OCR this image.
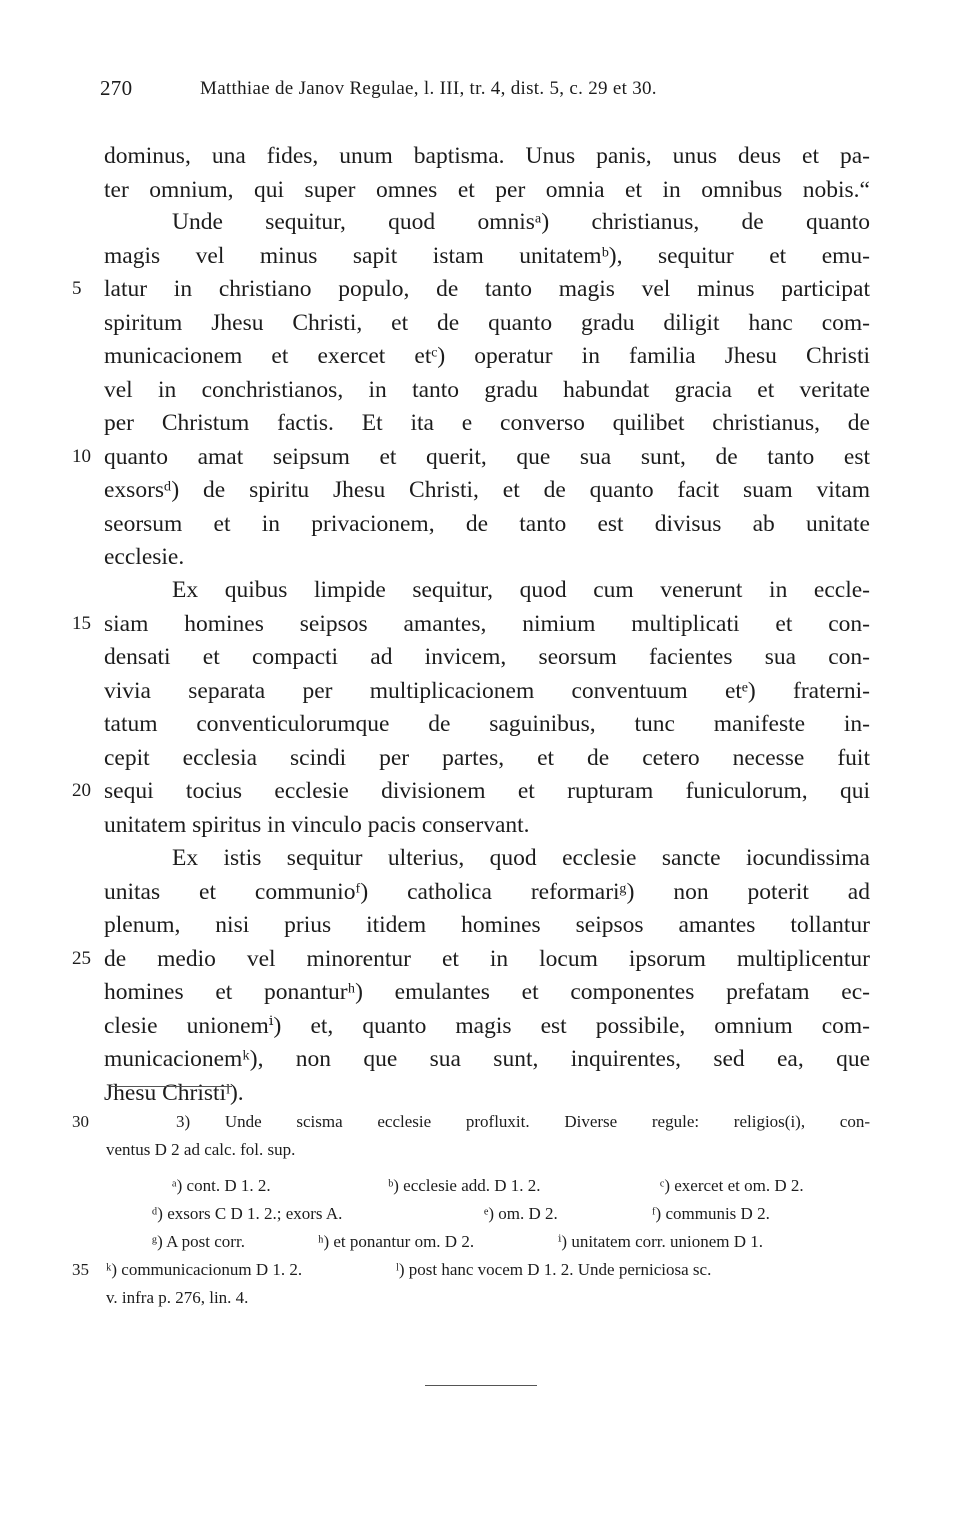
270	Matthiae de Janov Regulae, l. III, tr. 4, dist. 5, c. 29 et 30.
dominus, una fides, unum baptisma. Unus panis, unus deus et pa-
ter omnium, qui super omnes et per omnia et in omnibus nobis.“
Unde sequitur, quod omnisᵃ) christianus, de quanto
magis vel minus sapit istam unitatemᵇ), sequitur et emu-
5 latur in christiano populo, de tanto magis vel minus participat
spiritum Jhesu Christi, et de quanto gradu diligit hanc com-
municacionem et exercet etᶜ) operatur in familia Jhesu Christi
vel in conchristianos, in tanto gradu habundat gracia et veritate
per Christum factis. Et ita e converso quilibet christianus, de
10 quanto amat seipsum et querit, que sua sunt, de tanto est
exsorsᵈ) de spiritu Jhesu Christi, et de quanto facit suam vitam
seorsum et in privacionem, de tanto est divisus ab unitate
ecclesie.
Ex quibus limpide sequitur, quod cum venerunt in eccle-
15 siam homines seipsos amantes, nimium multiplicati et con-
densati et compacti ad invicem, seorsum facientes sua con-
vivia separata per multiplicacionem conventuum etᵉ) fraterni-
tatum conventiculorumque de saguinibus, tunc manifeste in-
cepit ecclesia scindi per partes, et de cetero necesse fuit
20 sequi tocius ecclesie divisionem et rupturam funiculorum, qui
unitatem spiritus in vinculo pacis conservant.
Ex istis sequitur ulterius, quod ecclesie sancte iocundissima
unitas et communioᶠ) catholica reformariᵍ) non poterit ad
plenum, nisi prius itidem homines seipsos amantes tollantur
25 de medio vel minorentur et in locum ipsorum multiplicentur
homines et ponanturʰ) emulantes et componentes prefatam ec-
clesie unionemⁱ) et, quanto magis est possibile, omnium com-
municacionemᵏ), non que sua sunt, inquirentes, sed ea, que
Jhesu Christiˡ).
30	3) Unde scisma ecclesie profluxit. Diverse regule: religios(i), con-
ventus D 2 ad calc. fol. sup.
ᵃ) cont. D 1. 2.	ᵇ) ecclesie add. D 1. 2.	ᶜ) exercet et om. D 2.
ᵈ) exsors C D 1. 2.; exors A.	ᵉ) om. D 2.	ᶠ) communis D 2.
ᵍ) A post corr.	ʰ) et ponantur om. D 2.	ⁱ) unitatem corr. unionem D 1.
35 ᵏ) communicacionum D 1. 2.	ˡ) post hanc vocem D 1. 2. Unde perniciosa sc.
v. infra p. 276, lin. 4.
